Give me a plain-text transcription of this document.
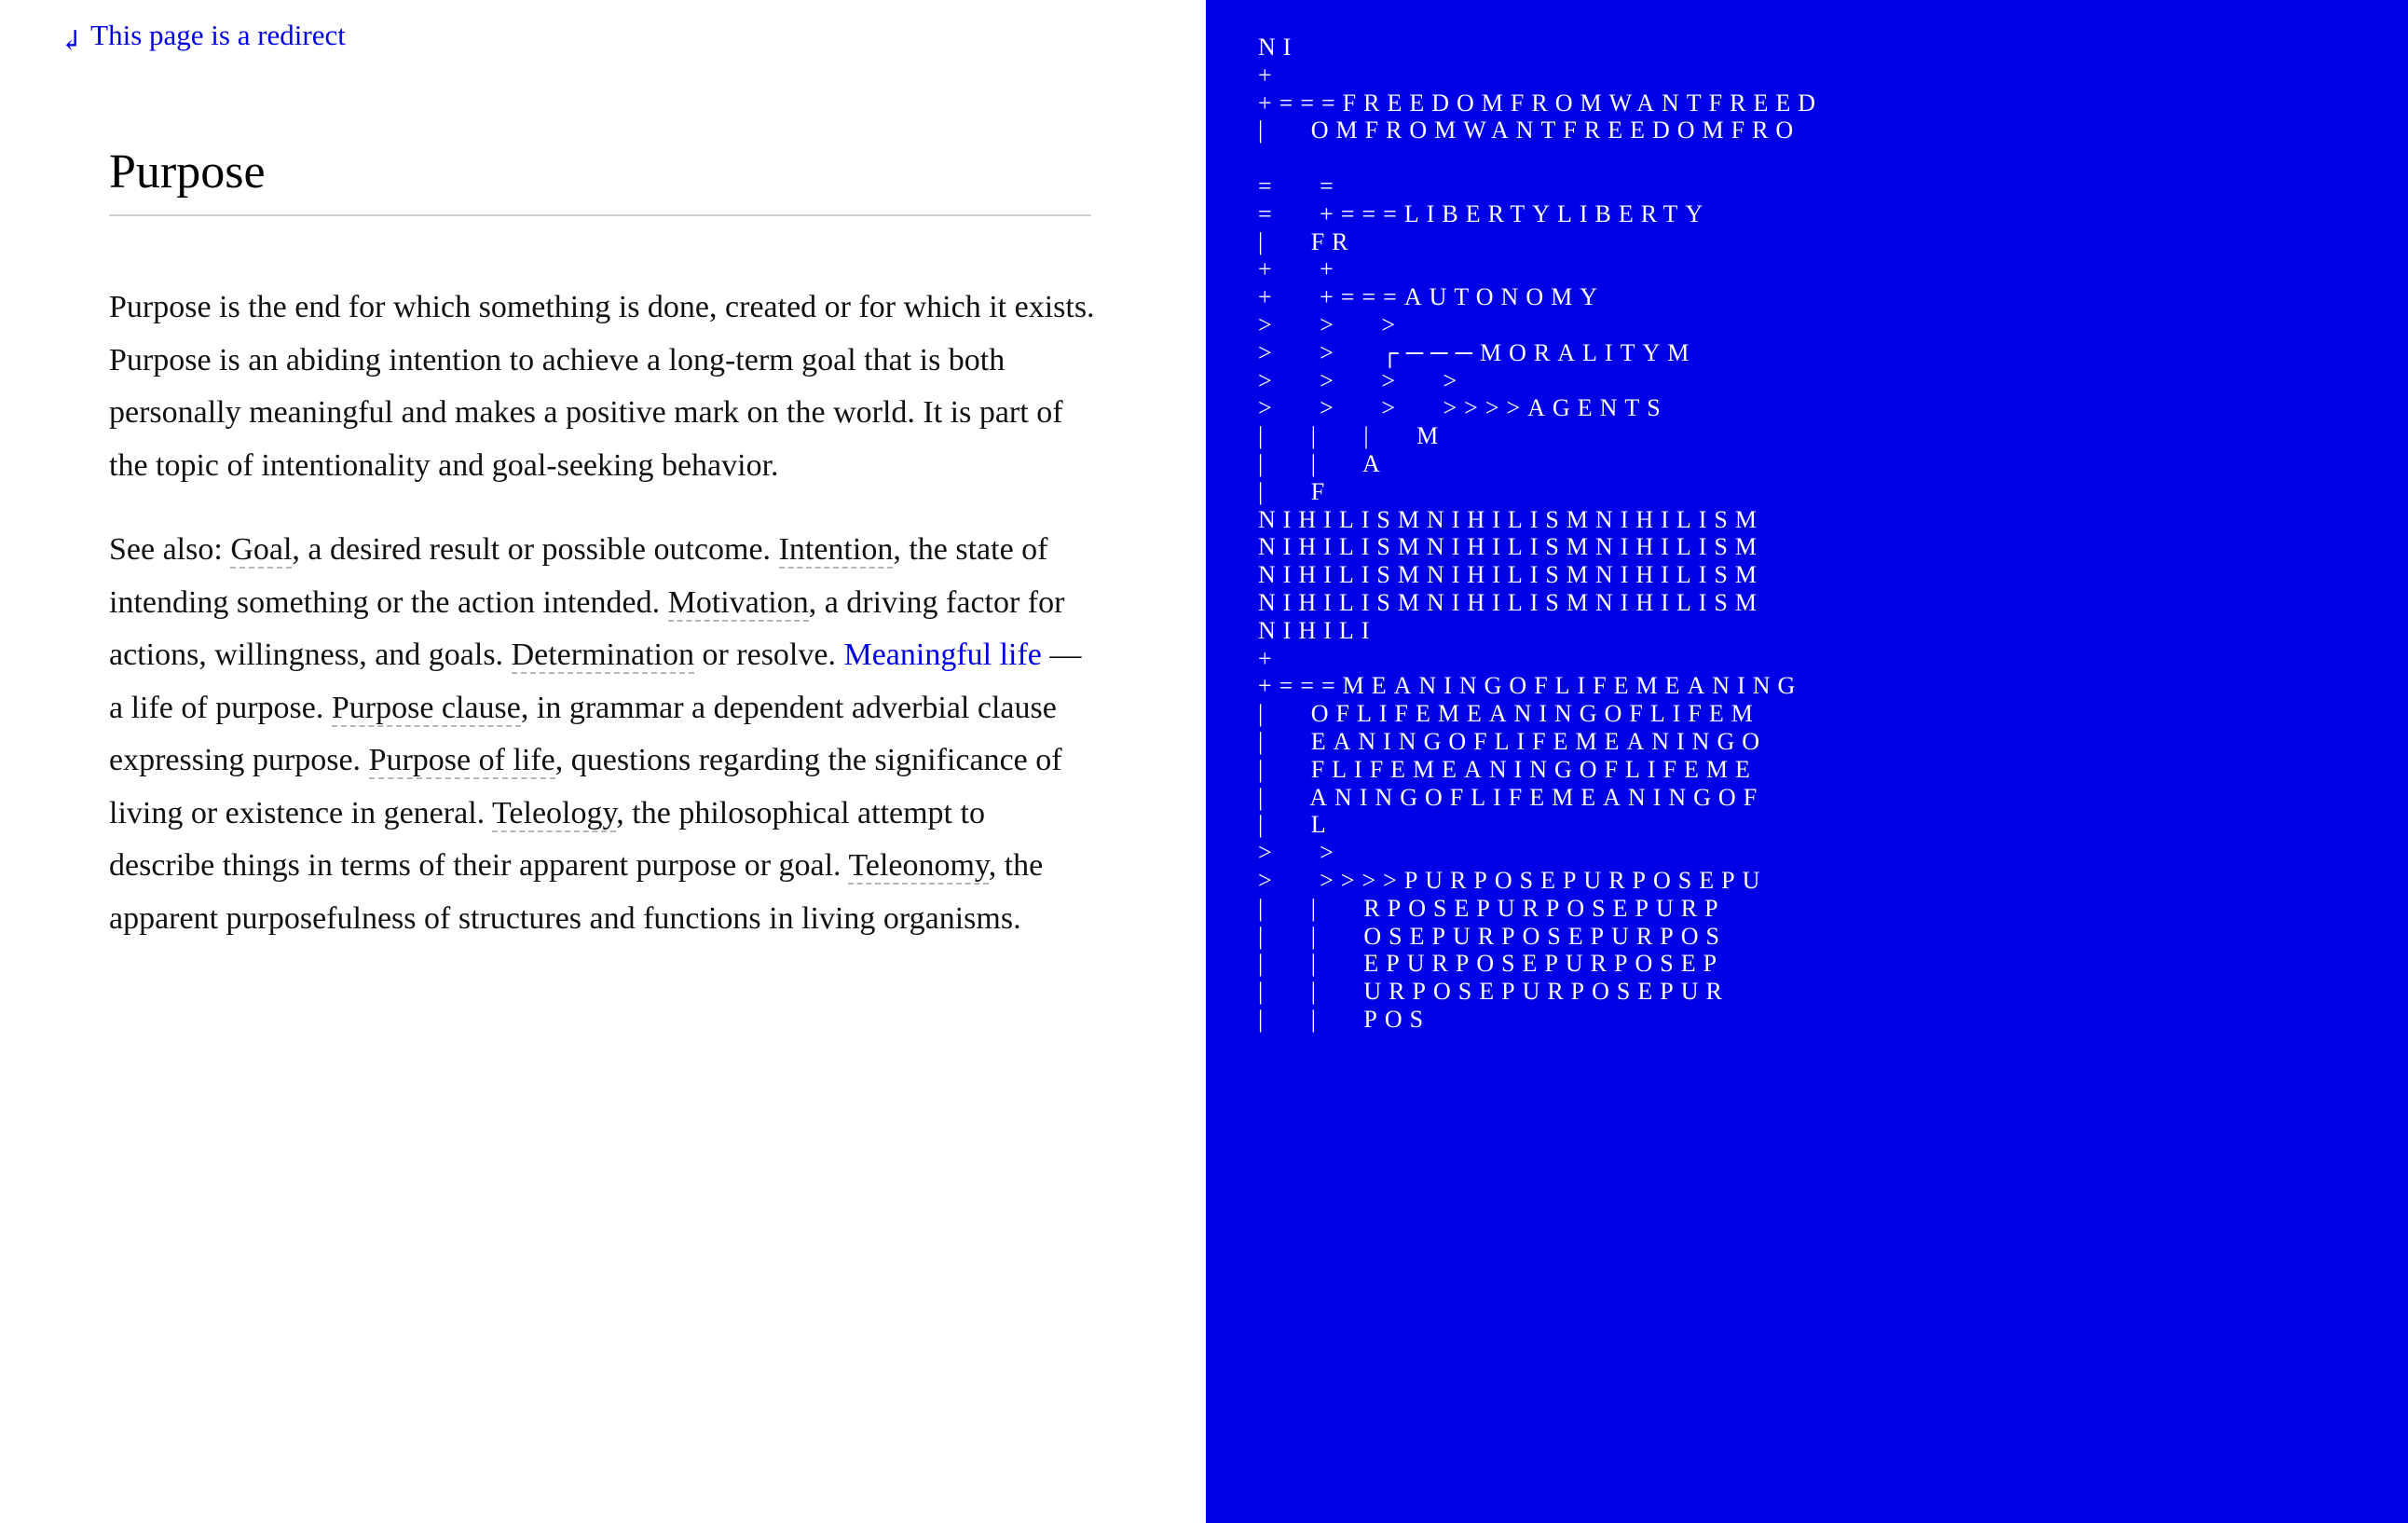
↲ This page is a redirect
Purpose

Purpose is the end for which something is done, created or for which it exists. Purpose is an abiding intention to achieve a long-term goal that is both personally meaningful and makes a positive mark on the world. It is part of the topic of intentionality and goal-seeking behavior.

See also: Goal, a desired result or possible outcome. Intention, the state of intending something or the action intended. Motivation, a driving factor for actions, willingness, and goals. Determination or resolve. Meaningful life — a life of purpose. Purpose clause, in grammar a dependent adverbial clause expressing purpose. Purpose of life, questions regarding the significance of living or existence in general. Teleology, the philosophical attempt to describe things in terms of their apparent purpose or goal. Teleonomy, the apparent purposefulness of structures and functions in living organisms.

NI
+
+===FREEDOMFROMWANTFREED
|   OMFROMWANTFREEDOMFRO

=   =
=   +===LIBERTYLIBERTY
|   FR
+   +
+   +===AUTONOMY
>   >   >
>   >   ┌───MORALITYM
>   >   >   >
>   >   >   >>>>AGENTS
|   |   |   M
|   |   A
|   F
NIHILISMNIHILISMNIHILISM
NIHILISMNIHILISMNIHILISM
NIHILISMNIHILISMNIHILISM
NIHILISMNIHILISMNIHILISM
NIHILI
+
+===MEANINGOFLIFEMEANING
|   OFLIFEMEANINGOFLIFEM
|   EANINGOFLIFEMEANINGO
|   FLIFEMEANINGOFLIFEME
|   ANINGOFLIFEMEANINGOF
|   L
>   >
>   >>>>PURPOSEPURPOSEPU
|   |   RPOSEPURPOSEPURP
|   |   OSEPURPOSEPURPOS
|   |   EPURPOSEPURPOSEP
|   |   URPOSEPURPOSEPUR
|   |   POS
